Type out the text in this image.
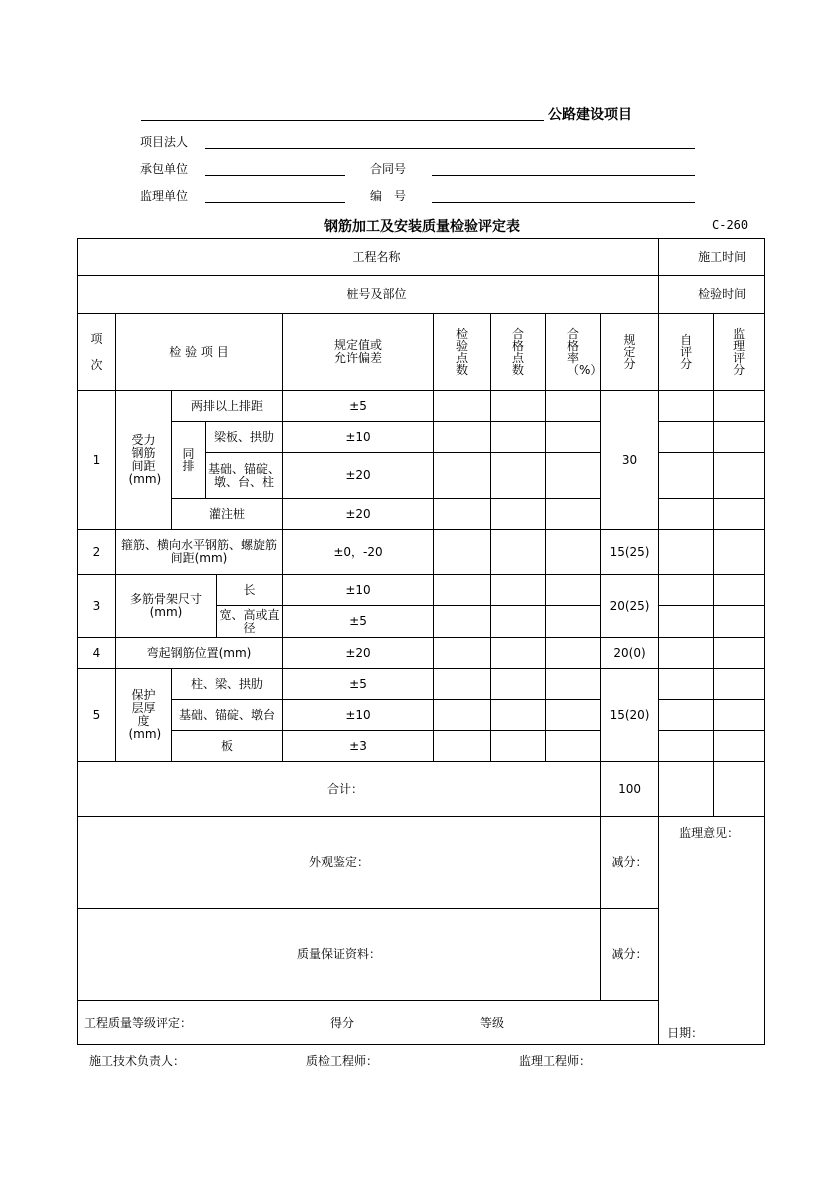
公路建设项目
项目法人
承包单位	合同号
监理单位	编　号
钢筋加工及安装质量检验评定表	C-260
工程名称										施工时间	
桩号及部位										检验时间	
项次	检 验 项 目				规定值或允许偏差	检验点数	合格点数	合格率（%）	规定分	自评分	监理评分
1	受力钢筋间距(mm)	两排以上排距			±5				30		
		同排	梁板、拱肋		±10						
			基础、锚碇、墩、台、柱		±20						
		灌注桩			±20						
2	箍筋、横向水平钢筋、螺旋筋间距(mm)				±0，-20				15(25)		
3	多筋骨架尺寸(mm)			长	±10				20(25)		
				宽、高或直径	±5						
4	弯起钢筋位置(mm)				±20				20(0)		
5	保护层厚度(mm)	柱、梁、拱肋			±5				15(20)		
		基础、锚碇、墩台			±10						
		板			±3						
合计：									100		
外观鉴定：									减分：	监理意见：
日期：	

质量保证资料：									减分：		

工程质量等级评定： 得分 等级											
施工技术负责人：	质检工程师：	监理工程师：
